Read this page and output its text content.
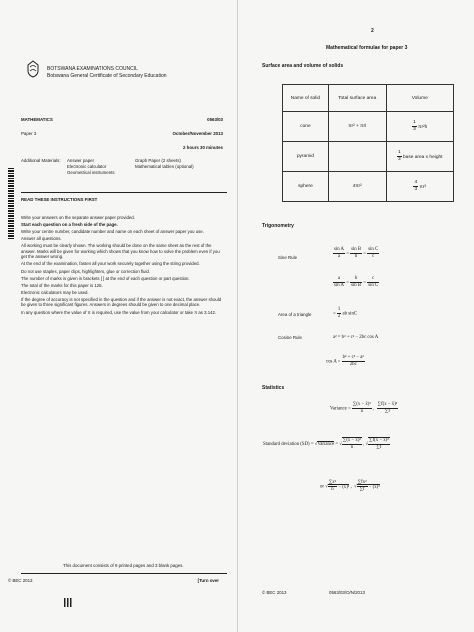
BOTSWANA EXAMINATIONS COUNCIL
Botswana General Certificate of Secondary Education
MATHEMATICS	0563/03
Paper 3	October/November 2013
2 hours 30 minutes
Additional Materials: Answer paper
Electronic calculator
Geometrical instruments
Graph Paper (2 sheets)
Mathematical tables (optional)
READ THESE INSTRUCTIONS FIRST
Write your answers on the separate answer paper provided.
Start each question on a fresh side of the page.
Write your centre number, candidate number and name on each sheet of answer paper you use.
Answer all questions.
All working must be clearly shown. The working should be done on the same sheet as the rest of the answer. Marks will be given for working which shows that you know how to solve the problem even if you get the answer wrong.
At the end of the examination, fasten all your work securely together using the string provided.
Do not use staples, paper clips, highlighters, glue or correction fluid.
The number of marks is given in brackets [ ] at the end of each question or part question.
The total of the marks for this paper is 125.
Electronic calculators may be used.
If the degree of accuracy is not specified in the question and if the answer is not exact, the answer should be given to three significant figures. Answers in degrees should be given to one decimal place.
In any question where the value of π is required, use the value from your calculator or take π as 3.142.
This document consists of 9 printed pages and 3 blank pages.
© BEC 2013	[Turn over
2
Mathematical formulae for paper 3
Surface area and volume of solids
Name of solid	Total surface area	Volume
cone	πr² + πrl	$\frac{1}{3} \pi r^2h$
pyramid		$\frac{1}{3}$ base area x height
sphere	4πr²	$\frac{4}{3} \pi r^3$
Trigonometry
Sine Rule	$\frac{\text{sin A}}{a} = \frac{\text{sin B}}{b} = \frac{\text{sin C}}{c}$
$\frac{a}{\text{sin A}} = \frac{b}{\text{sin B}} = \frac{c}{\text{sin C}}$
Area of a triangle	= $\frac{1}{2}$ ab sinC
Cosine Rule	a² = b² + c² − 2bc cos A
$\cos A = \frac{\text{b² + c² − a²}}{2bc}$
Statistics
Variance = $\frac{\text{∑(x − x̄)²}}{n}$ , $\frac{\text{∑f(x − x̄)²}}{\sum f}$
Standard deviation (SD) = √Variance = √ $\frac{\text{∑(x − x̄)²}}{n}$ , √ $\frac{\text{∑f(x − x̄)²}}{\sum f}$
or √ $\frac{\text{∑x²}}{n}$ − (x̄)² ,  √ $\frac{\text{∑fx²}}{\sum f}$ − (x̄)²
© BEC 2013	0563/03/O/N/2013
